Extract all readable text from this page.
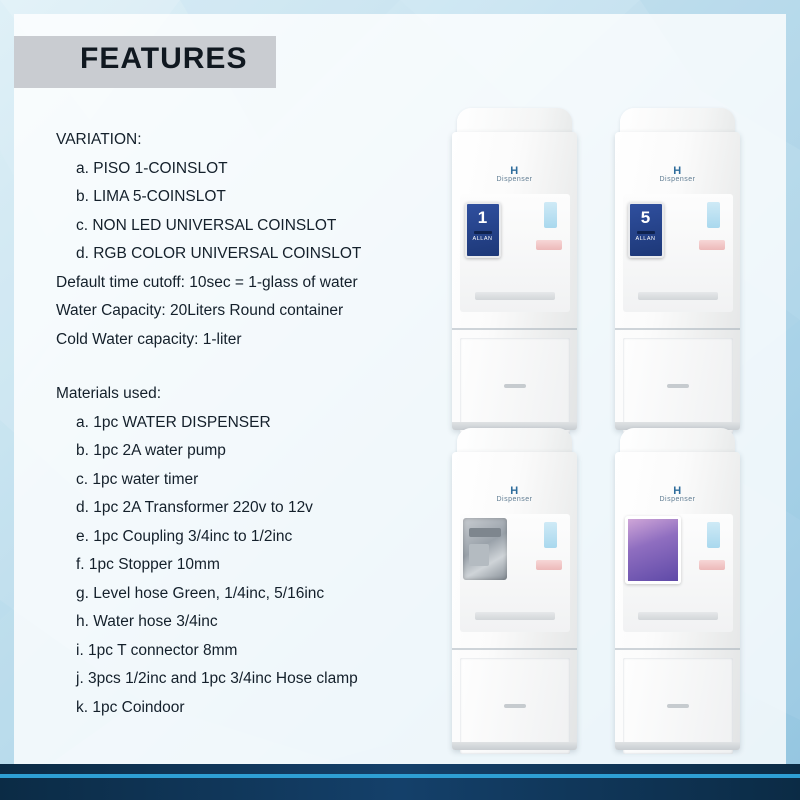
FEATURES
VARIATION:
a. PISO 1-COINSLOT
b. LIMA 5-COINSLOT
c. NON LED UNIVERSAL COINSLOT
d. RGB COLOR UNIVERSAL COINSLOT
Default time cutoff: 10sec = 1-glass of water
Water Capacity: 20Liters Round container
Cold Water capacity: 1-liter
Materials used:
a. 1pc WATER DISPENSER
b. 1pc 2A water pump
c. 1pc water timer
d. 1pc 2A Transformer 220v to 12v
e. 1pc Coupling 3/4inc to 1/2inc
f. 1pc Stopper 10mm
g. Level hose Green, 1/4inc, 5/16inc
h. Water hose 3/4inc
i. 1pc T connector 8mm
j. 3pcs 1/2inc and 1pc 3/4inc Hose clamp
k. 1pc Coindoor
H
Dispenser
1
ALLAN
H
Dispenser
5
ALLAN
H
Dispenser
H
Dispenser
